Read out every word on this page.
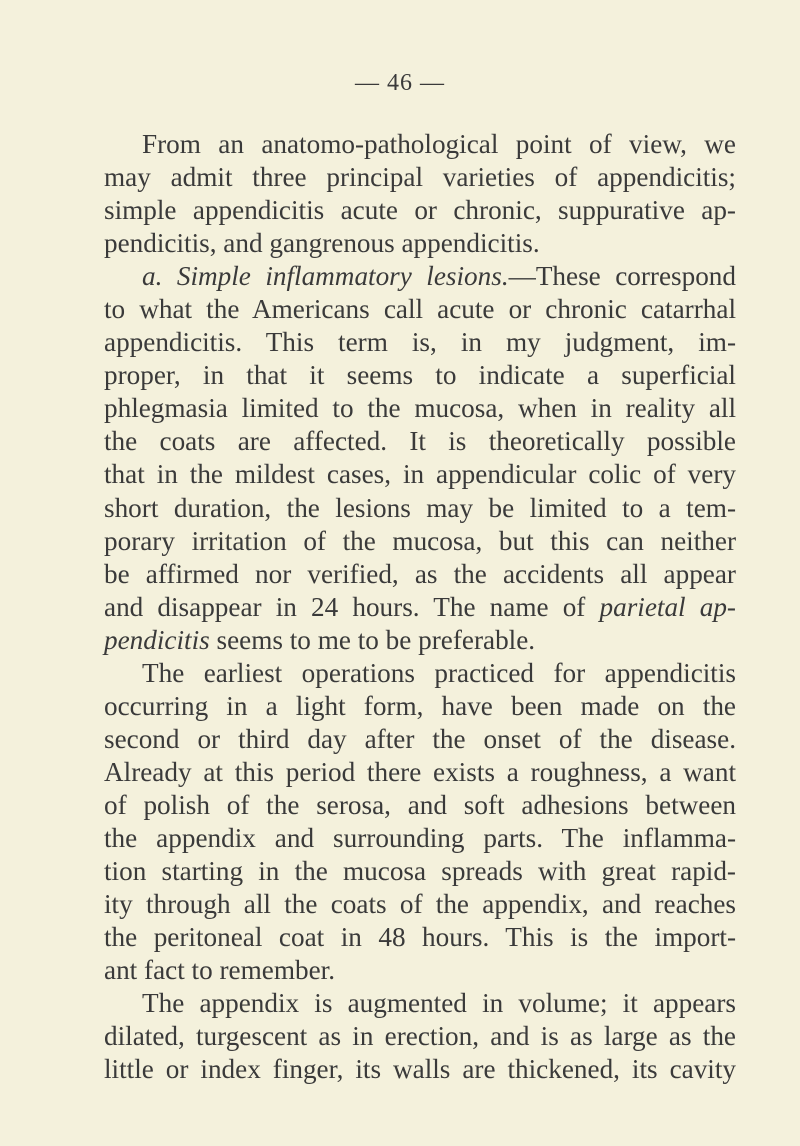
— 46 —
From an anatomo-pathological point of view, we
may admit three principal varieties of appendicitis;
simple appendicitis acute or chronic, suppurative ap-
pendicitis, and gangrenous appendicitis.
a. Simple inflammatory lesions.—These correspond
to what the Americans call acute or chronic catarrhal
appendicitis. This term is, in my judgment, im-
proper, in that it seems to indicate a superficial
phlegmasia limited to the mucosa, when in reality all
the coats are affected. It is theoretically possible
that in the mildest cases, in appendicular colic of very
short duration, the lesions may be limited to a tem-
porary irritation of the mucosa, but this can neither
be affirmed nor verified, as the accidents all appear
and disappear in 24 hours. The name of parietal ap-
pendicitis seems to me to be preferable.
The earliest operations practiced for appendicitis
occurring in a light form, have been made on the
second or third day after the onset of the disease.
Already at this period there exists a roughness, a want
of polish of the serosa, and soft adhesions between
the appendix and surrounding parts. The inflamma-
tion starting in the mucosa spreads with great rapid-
ity through all the coats of the appendix, and reaches
the peritoneal coat in 48 hours. This is the import-
ant fact to remember.
The appendix is augmented in volume; it appears
dilated, turgescent as in erection, and is as large as the
little or index finger, its walls are thickened, its cavity
